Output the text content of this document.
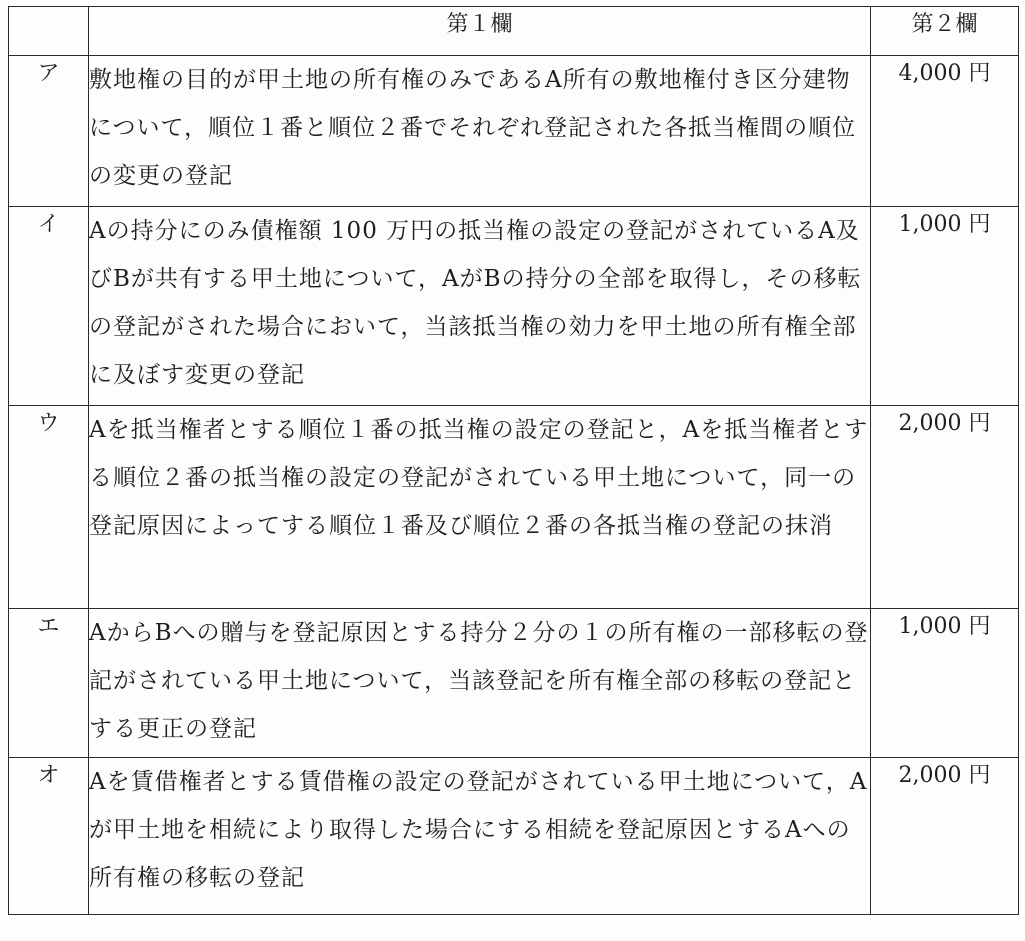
	第１欄	第２欄
ア	敷地権の目的が甲土地の所有権のみであるA所有の敷地権付き区分建物について，順位１番と順位２番でそれぞれ登記された各抵当権間の順位の変更の登記	4,000 円
イ	Aの持分にのみ債権額 100 万円の抵当権の設定の登記がされているA及びBが共有する甲土地について，AがBの持分の全部を取得し，その移転の登記がされた場合において，当該抵当権の効力を甲土地の所有権全部に及ぼす変更の登記	1,000 円
ウ	Aを抵当権者とする順位１番の抵当権の設定の登記と，Aを抵当権者とする順位２番の抵当権の設定の登記がされている甲土地について，同一の登記原因によってする順位１番及び順位２番の各抵当権の登記の抹消	2,000 円
エ	AからBへの贈与を登記原因とする持分２分の１の所有権の一部移転の登記がされている甲土地について，当該登記を所有権全部の移転の登記とする更正の登記	1,000 円
オ	Aを賃借権者とする賃借権の設定の登記がされている甲土地について，Aが甲土地を相続により取得した場合にする相続を登記原因とするAへの所有権の移転の登記	2,000 円
